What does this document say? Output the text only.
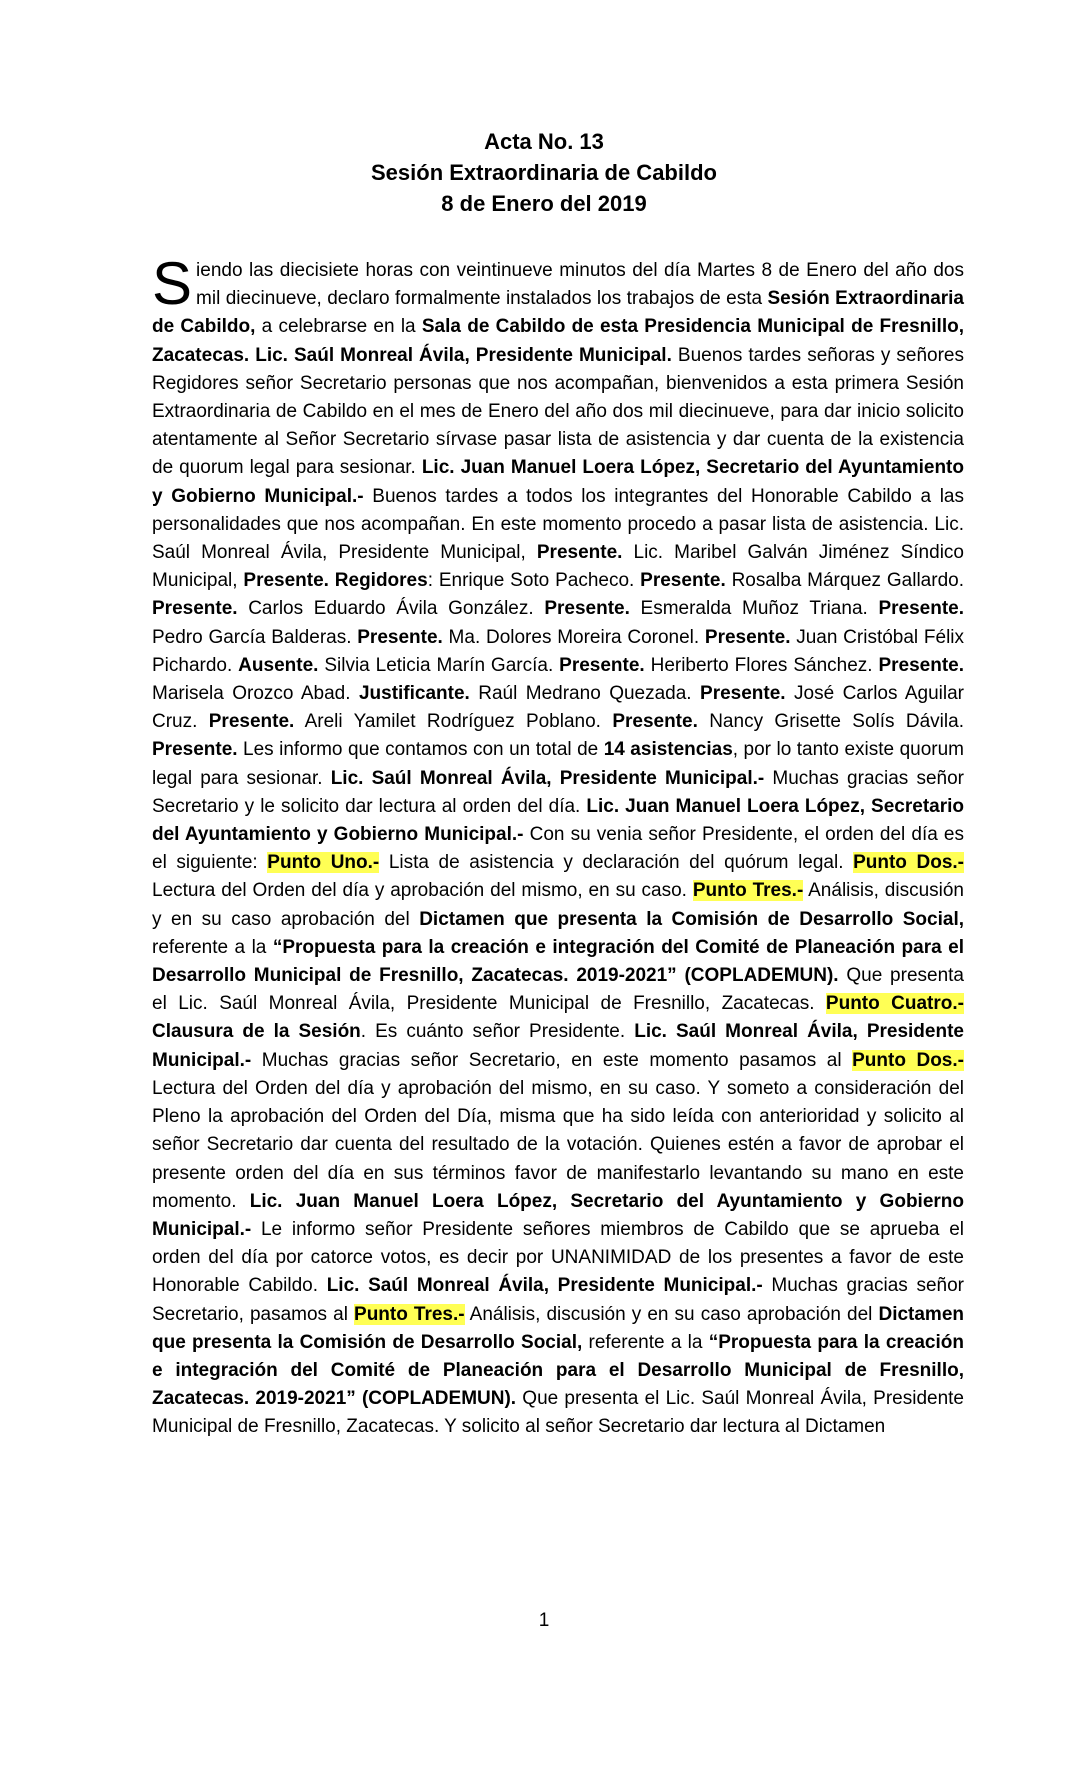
Acta No. 13
Sesión Extraordinaria de Cabildo
8 de Enero del 2019

Siendo las diecisiete horas con veintinueve minutos del día Martes 8 de Enero del año dos mil diecinueve, declaro formalmente instalados los trabajos de esta Sesión Extraordinaria de Cabildo, a celebrarse en la Sala de Cabildo de esta Presidencia Municipal de Fresnillo, Zacatecas. Lic. Saúl Monreal Ávila, Presidente Municipal. Buenos tardes señoras y señores Regidores señor Secretario personas que nos acompañan, bienvenidos a esta primera Sesión Extraordinaria de Cabildo en el mes de Enero del año dos mil diecinueve, para dar inicio solicito atentamente al Señor Secretario sírvase pasar lista de asistencia y dar cuenta de la existencia de quorum legal para sesionar. Lic. Juan Manuel Loera López, Secretario del Ayuntamiento y Gobierno Municipal.- Buenos tardes a todos los integrantes del Honorable Cabildo a las personalidades que nos acompañan. En este momento procedo a pasar lista de asistencia. Lic. Saúl Monreal Ávila, Presidente Municipal, Presente. Lic. Maribel Galván Jiménez Síndico Municipal, Presente. Regidores: Enrique Soto Pacheco. Presente. Rosalba Márquez Gallardo. Presente. Carlos Eduardo Ávila González. Presente. Esmeralda Muñoz Triana. Presente. Pedro García Balderas. Presente. Ma. Dolores Moreira Coronel. Presente. Juan Cristóbal Félix Pichardo. Ausente. Silvia Leticia Marín García. Presente. Heriberto Flores Sánchez. Presente. Marisela Orozco Abad. Justificante. Raúl Medrano Quezada. Presente. José Carlos Aguilar Cruz. Presente. Areli Yamilet Rodríguez Poblano. Presente. Nancy Grisette Solís Dávila. Presente. Les informo que contamos con un total de 14 asistencias, por lo tanto existe quorum legal para sesionar. Lic. Saúl Monreal Ávila, Presidente Municipal.- Muchas gracias señor Secretario y le solicito dar lectura al orden del día. Lic. Juan Manuel Loera López, Secretario del Ayuntamiento y Gobierno Municipal.- Con su venia señor Presidente, el orden del día es el siguiente: Punto Uno.- Lista de asistencia y declaración del quórum legal. Punto Dos.- Lectura del Orden del día y aprobación del mismo, en su caso. Punto Tres.- Análisis, discusión y en su caso aprobación del Dictamen que presenta la Comisión de Desarrollo Social, referente a la “Propuesta para la creación e integración del Comité de Planeación para el Desarrollo Municipal de Fresnillo, Zacatecas. 2019-2021” (COPLADEMUN). Que presenta el Lic. Saúl Monreal Ávila, Presidente Municipal de Fresnillo, Zacatecas. Punto Cuatro.- Clausura de la Sesión. Es cuánto señor Presidente. Lic. Saúl Monreal Ávila, Presidente Municipal.- Muchas gracias señor Secretario, en este momento pasamos al Punto Dos.- Lectura del Orden del día y aprobación del mismo, en su caso. Y someto a consideración del Pleno la aprobación del Orden del Día, misma que ha sido leída con anterioridad y solicito al señor Secretario dar cuenta del resultado de la votación. Quienes estén a favor de aprobar el presente orden del día en sus términos favor de manifestarlo levantando su mano en este momento. Lic. Juan Manuel Loera López, Secretario del Ayuntamiento y Gobierno Municipal.- Le informo señor Presidente señores miembros de Cabildo que se aprueba el orden del día por catorce votos, es decir por UNANIMIDAD de los presentes a favor de este Honorable Cabildo. Lic. Saúl Monreal Ávila, Presidente Municipal.- Muchas gracias señor Secretario, pasamos al Punto Tres.- Análisis, discusión y en su caso aprobación del Dictamen que presenta la Comisión de Desarrollo Social, referente a la “Propuesta para la creación e integración del Comité de Planeación para el Desarrollo Municipal de Fresnillo, Zacatecas. 2019-2021” (COPLADEMUN). Que presenta el Lic. Saúl Monreal Ávila, Presidente Municipal de Fresnillo, Zacatecas. Y solicito al señor Secretario dar lectura al Dictamen

1
